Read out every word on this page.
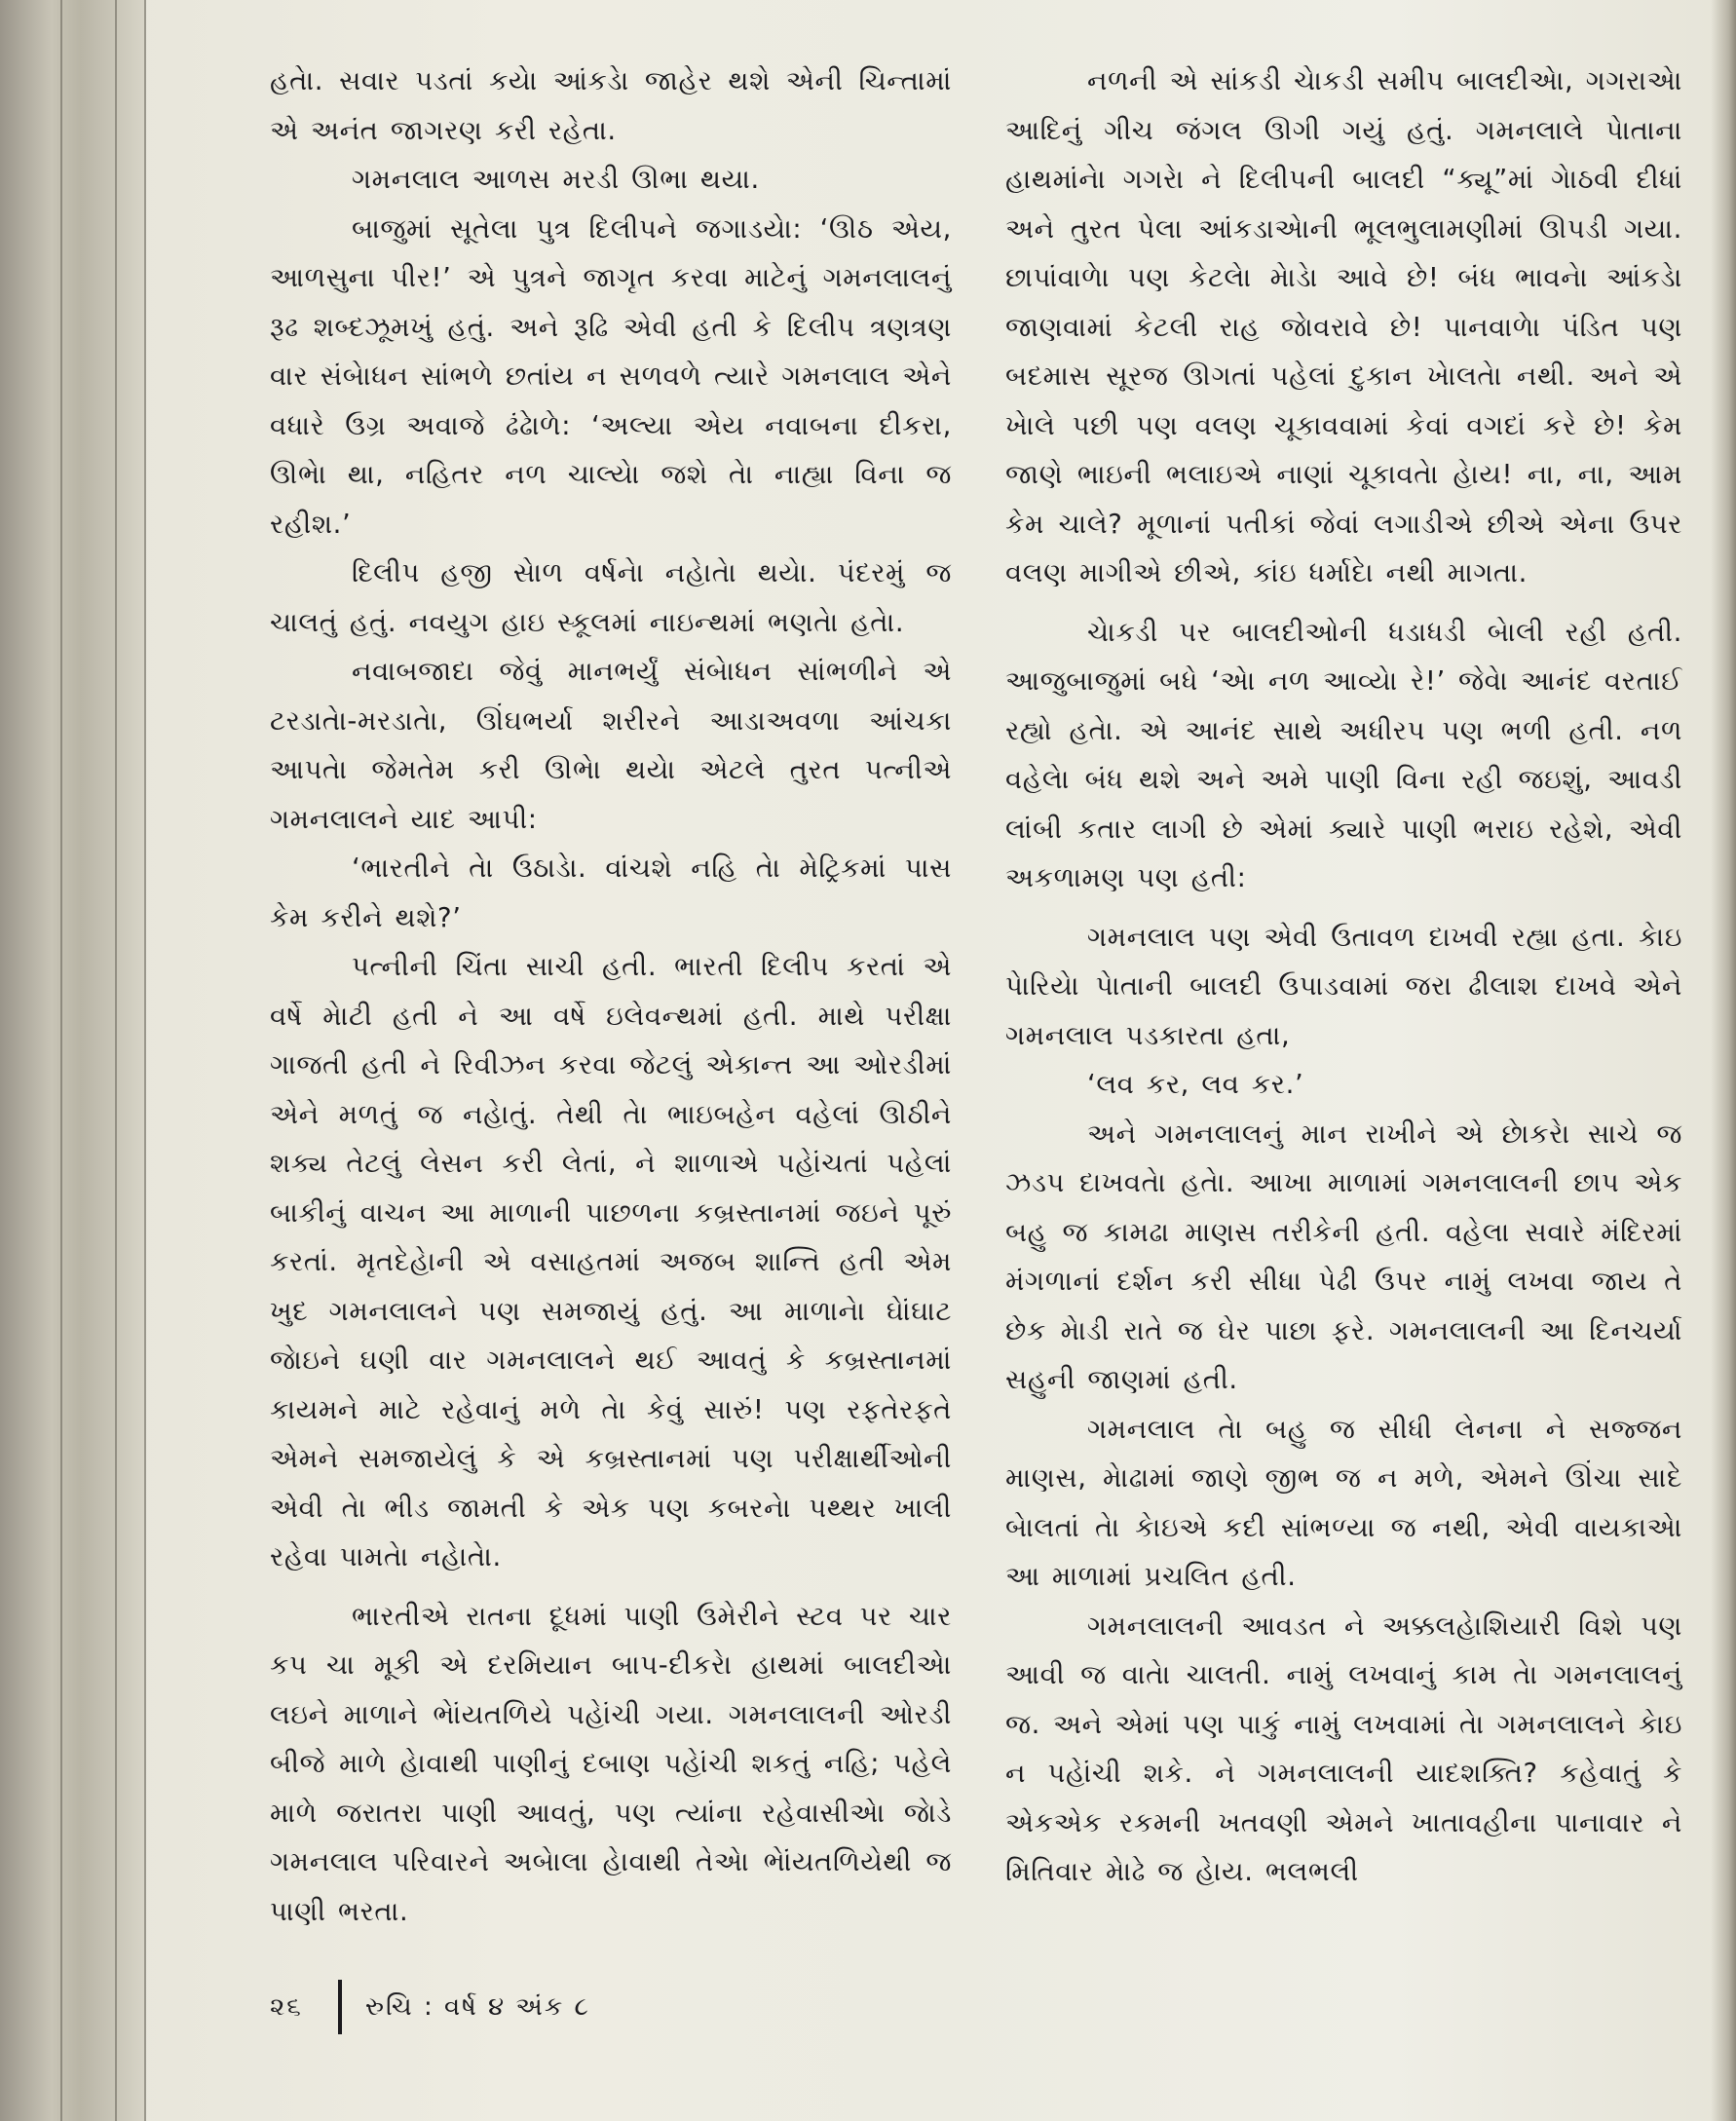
હતેા. સવાર પડતાં કયેા આંકડેા જાહેર થશે એની ચિન્તામાં એ અનંત જાગરણ કરી રહેતા.

ગમનલાલ આળસ મરડી ઊભા થયા.

બાજુમાં સૂતેલા પુત્ર દિલીપને જગાડયેા: ‘ઊઠ એય, આળસુના પીર!’ એ પુત્રને જાગૃત કરવા માટેનું ગમનલાલનું રૂઢ શબ્દઝૂમખું હતું. અને રૂઢિ એવી હતી કે દિલીપ ત્રણત્રણ વાર સંબેાધન સાંભળે છતાંય ન સળવળે ત્યારે ગમનલાલ એને વધારે ઉગ્ર અવાજે ઢંઢેાળે: ‘અલ્યા એય નવાબના દીકરા, ઊભેા થા, નહિતર નળ ચાલ્યેા જશે તેા નાહ્યા વિના જ રહીશ.’

દિલીપ હજી સેાળ વર્ષનેા નહેાતેા થયેા. પંદરમું જ ચાલતું હતું. નવયુગ હાઇ સ્કૂલમાં નાઇન્થમાં ભણતેા હતેા.

નવાબજાદા જેવું માનભર્યું સંબેાધન સાંભળીને એ ટરડાતેા-મરડાતેા, ઊંઘભર્યા શરીરને આડાઅવળા આંચકા આપતેા જેમતેમ કરી ઊભેા થયેા એટલે તુરત પત્નીએ ગમનલાલને યાદ આપી:

‘ભારતીને તેા ઉઠાડેા. વાંચશે નહિ તેા મેટ્રિકમાં પાસ કેમ કરીને થશે?’

પત્નીની ચિંતા સાચી હતી. ભારતી દિલીપ કરતાં એ વર્ષે મેાટી હતી ને આ વર્ષે ઇલેવન્થમાં હતી. માથે પરીક્ષા ગાજતી હતી ને રિવીઝન કરવા જેટલું એકાન્ત આ ઓરડીમાં એને મળતું જ નહેાતું. તેથી તેા ભાઇબહેન વહેલાં ઊઠીને શક્ય તેટલું લેસન કરી લેતાં, ને શાળાએ પહેાંચતાં પહેલાં બાકીનું વાચન આ માળાની પાછળના કબ્રસ્તાનમાં જઇને પૂરું કરતાં. મૃતદેહેાની એ વસાહતમાં અજબ શાન્તિ હતી એમ ખુદ ગમનલાલને પણ સમજાયું હતું. આ માળાનેા ઘેાંઘાટ જેાઇને ઘણી વાર ગમનલાલને થઈ આવતું કે કબ્રસ્તાનમાં કાયમને માટે રહેવાનું મળે તેા કેવું સારું! પણ રફતેરફતે એમને સમજાયેલું કે એ કબ્રસ્તાનમાં પણ પરીક્ષાર્થીઓની એવી તેા ભીડ જામતી કે એક પણ કબરનેા પથ્થર ખાલી રહેવા પામતેા નહેાતેા.

ભારતીએ રાતના દૂધમાં પાણી ઉમેરીને સ્ટવ પર ચાર કપ ચા મૂકી એ દરમિયાન બાપ-દીકરેા હાથમાં બાલદીએા લઇને માળાને ભેાંયતળિયે પહેાંચી ગયા. ગમનલાલની ઓરડી બીજે માળે હેાવાથી પાણીનું દબાણ પહેાંચી શકતું નહિ; પહેલે માળે જરાતરા પાણી આવતું, પણ ત્યાંના રહેવાસીએા જેાડે ગમનલાલ પરિવારને અબેાલા હેાવાથી તેએા ભેાંયતળિયેથી જ પાણી ભરતા.

નળની એ સાંકડી ચેાકડી સમીપ બાલદીએા, ગગરાએા આદિનું ગીચ જંગલ ઊગી ગયું હતું. ગમનલાલે પેાતાના હાથમાંનેા ગગરેા ને દિલીપની બાલદી “ક્યૂ”માં ગેાઠવી દીધાં અને તુરત પેલા આંકડાએાની ભૂલભુલામણીમાં ઊપડી ગયા. છાપાંવાળેા પણ કેટલેા મેાડેા આવે છે! બંધ ભાવનેા આંકડેા જાણવામાં કેટલી રાહ જેાવરાવે છે! પાનવાળેા પંડિત પણ બદમાસ સૂરજ ઊગતાં પહેલાં દુકાન ખેાલતેા નથી. અને એ ખેાલે પછી પણ વલણ ચૂકાવવામાં કેવાં વગદાં કરે છે! કેમ જાણે ભાઇની ભલાઇએ નાણાં ચૂકાવતેા હેાય! ના, ના, આમ કેમ ચાલે? મૂળાનાં પતીકાં જેવાં લગાડીએ છીએ એના ઉપર વલણ માગીએ છીએ, કાંઇ ધર્માદેા નથી માગતા.

ચેાકડી પર બાલદીઓની ધડાધડી બેાલી રહી હતી. આજુબાજુમાં બધે ‘એા નળ આવ્યેા રે!’ જેવેા આનંદ વરતાઈ રહ્યો હતેા. એ આનંદ સાથે અધીરપ પણ ભળી હતી. નળ વહેલેા બંધ થશે અને અમે પાણી વિના રહી જઇશું, આવડી લાંબી કતાર લાગી છે એમાં ક્યારે પાણી ભરાઇ રહેશે, એવી અકળામણ પણ હતી:

ગમનલાલ પણ એવી ઉતાવળ દાખવી રહ્યા હતા. કેાઇ પેારિયેા પેાતાની બાલદી ઉપાડવામાં જરા ઢીલાશ દાખવે એને ગમનલાલ પડકારતા હતા,

‘લવ કર, લવ કર.’

અને ગમનલાલનું માન રાખીને એ છેાકરેા સાચે જ ઝડપ દાખવતેા હતેા. આખા માળામાં ગમનલાલની છાપ એક બહુ જ કામઢા માણસ તરીકેની હતી. વહેલા સવારે મંદિરમાં મંગળાનાં દર્શન કરી સીધા પેઢી ઉપર નામું લખવા જાય તે છેક મેાડી રાતે જ ઘેર પાછા ફરે. ગમનલાલની આ દિનચર્યા સહુની જાણમાં હતી.

ગમનલાલ તેા બહુ જ સીધી લેનના ને સજ્જન માણસ, મેાઢામાં જાણે જીભ જ ન મળે, એમને ઊંચા સાદે બેાલતાં તેા કેાઇએ કદી સાંભળ્યા જ નથી, એવી વાયકાએા આ માળામાં પ્રચલિત હતી.

ગમનલાલની આવડત ને અક્કલહેાશિયારી વિશે પણ આવી જ વાતેા ચાલતી. નામું લખવાનું કામ તેા ગમનલાલનું જ. અને એમાં પણ પાકું નામું લખવામાં તેા ગમનલાલને કેાઇ ન પહેાંચી શકે. ને ગમનલાલની યાદશક્તિ? કહેવાતું કે એકએક રકમની ખતવણી એમને ખાતાવહીના પાનાવાર ને મિતિવાર મેાઢે જ હેાય. ભલભલી

૨૬	રુચિ : વર્ષ ૪ અંક ૮
